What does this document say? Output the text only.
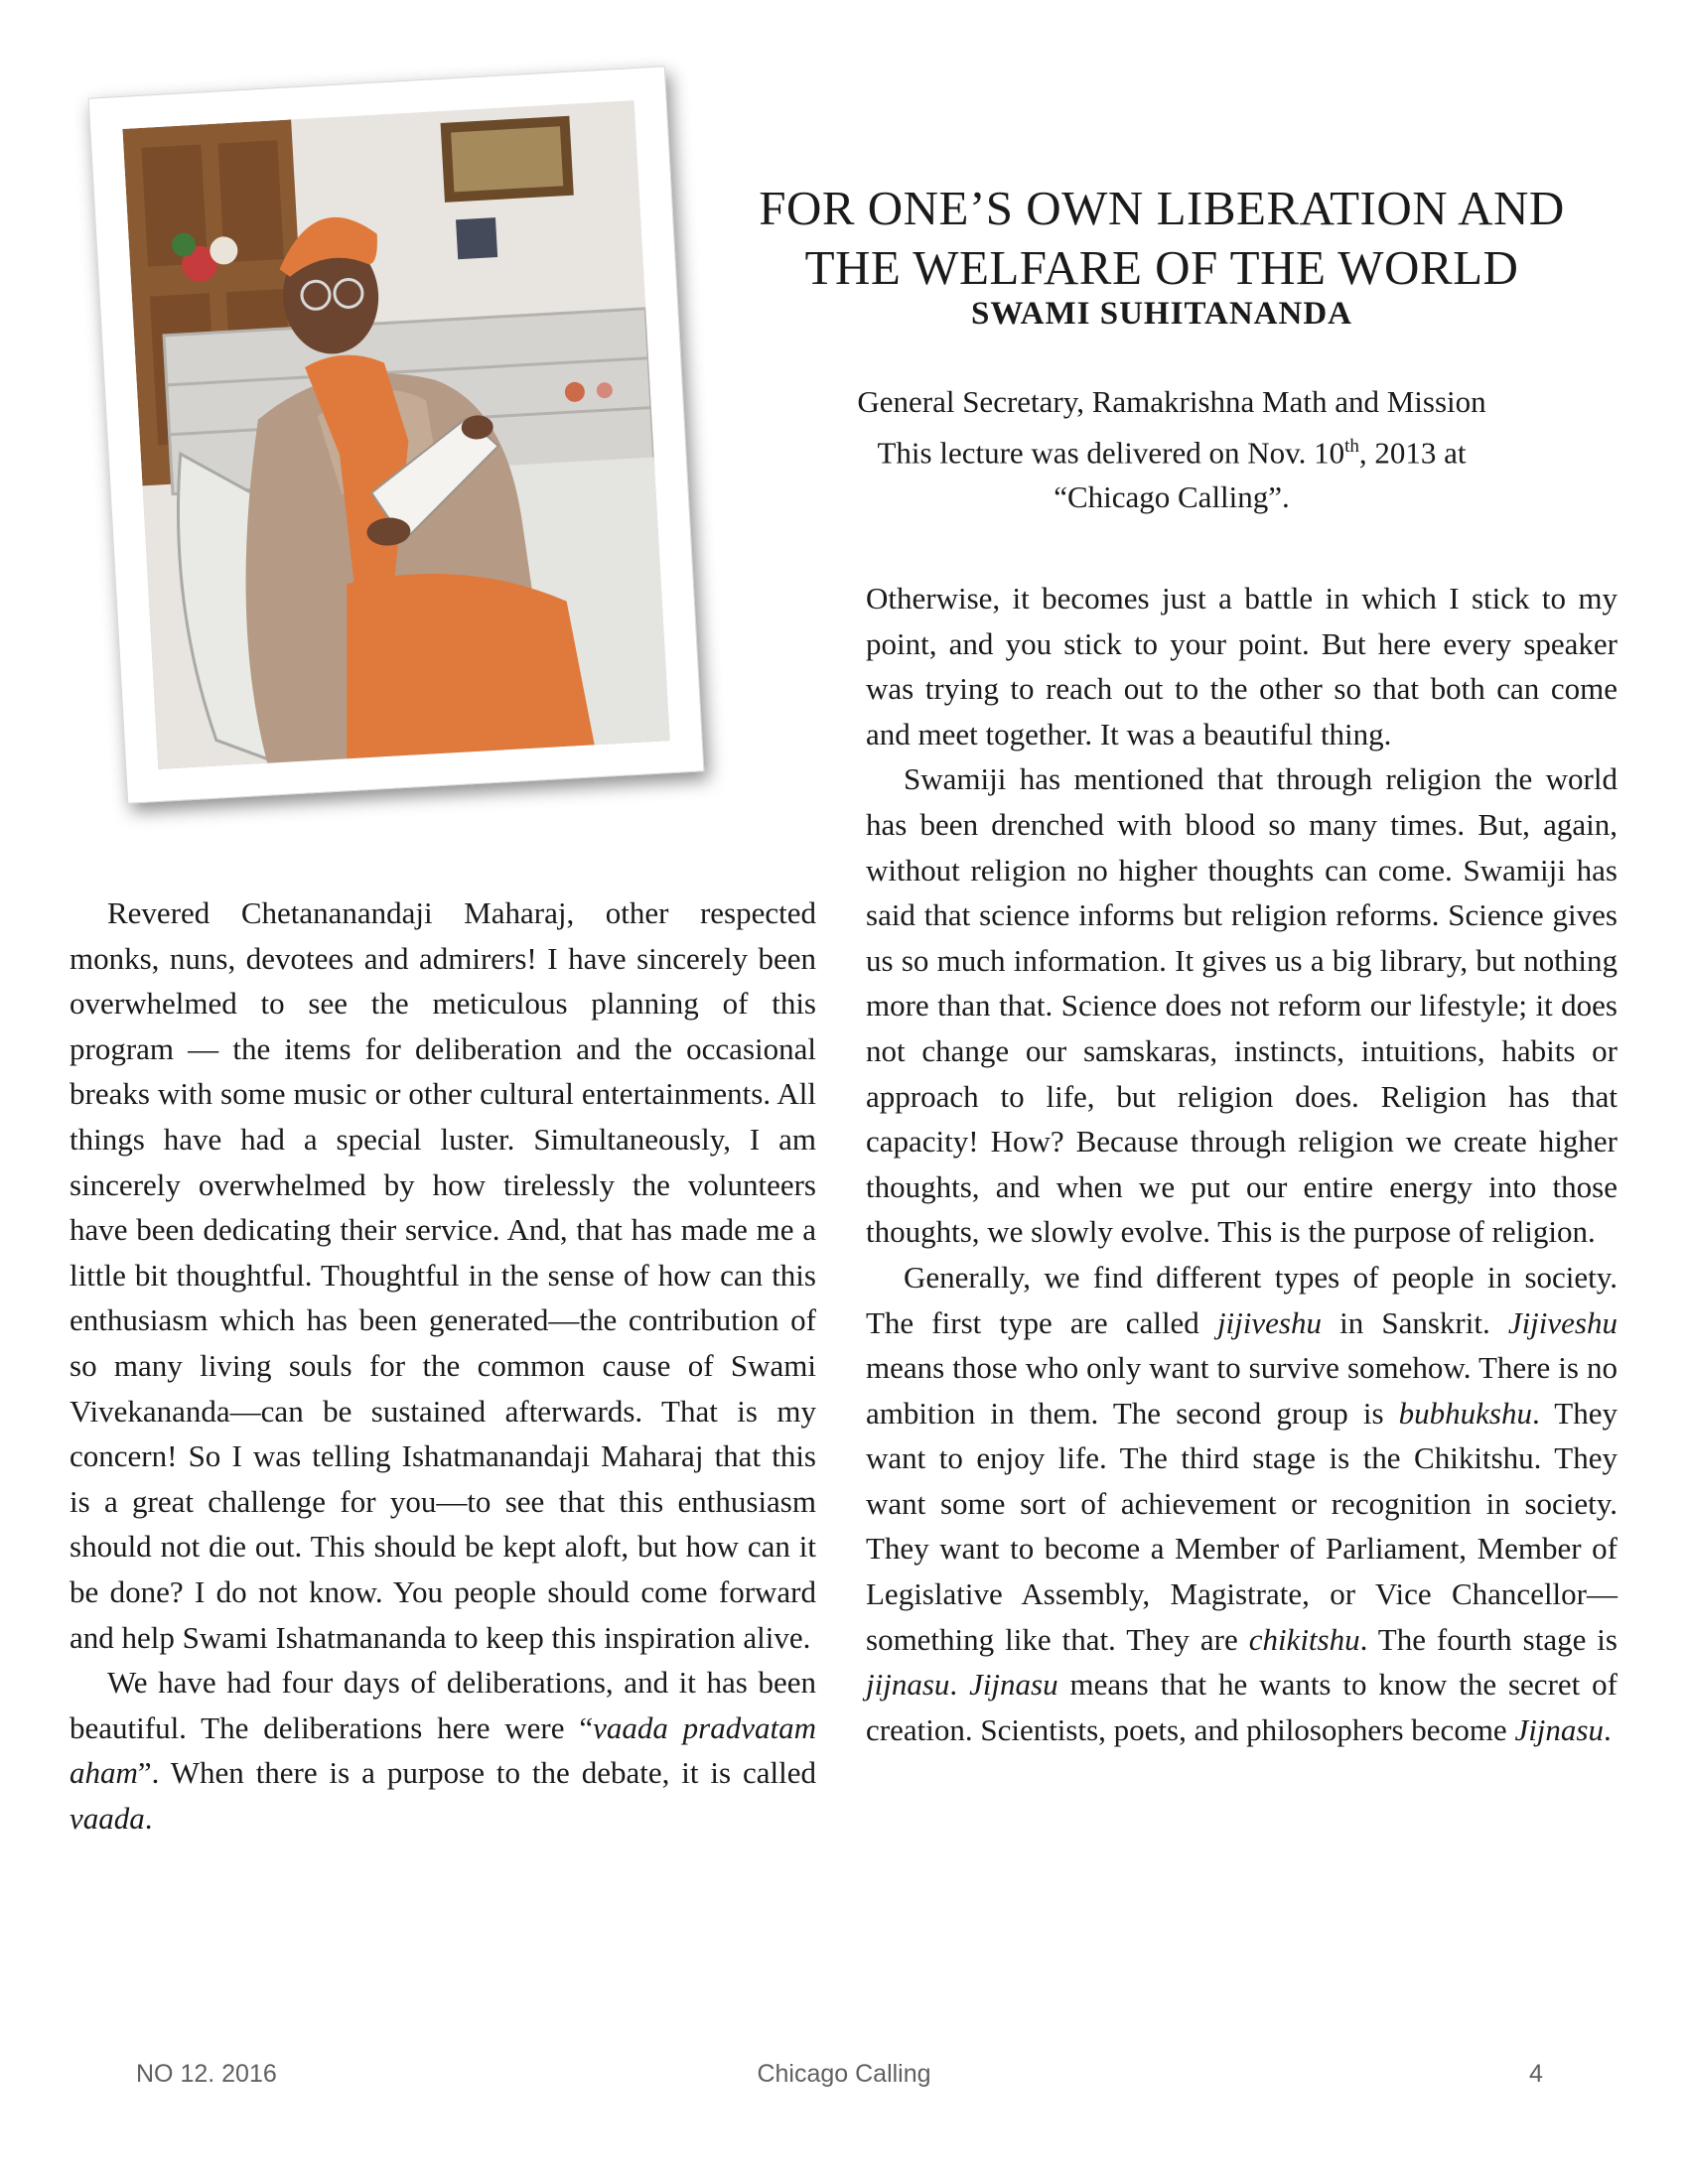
FOR ONE’S OWN LIBERATION AND
THE WELFARE OF THE WORLD
SWAMI SUHITANANDA
General Secretary, Ramakrishna Math and Mission
This lecture was delivered on Nov. 10th, 2013 at
“Chicago Calling”.

Revered Chetananandaji Maharaj, other respected monks, nuns, devotees and admirers! I have sincerely been overwhelmed to see the meticulous planning of this program — the items for deliberation and the occasional breaks with some music or other cultural entertainments. All things have had a special luster. Simultaneously, I am sincerely overwhelmed by how tirelessly the volunteers have been dedicating their service. And, that has made me a little bit thoughtful. Thoughtful in the sense of how can this enthusiasm which has been generated—the contribution of so many living souls for the common cause of Swami Vivekananda—can be sustained afterwards. That is my concern! So I was telling Ishatmanandaji Maharaj that this is a great challenge for you—to see that this enthusiasm should not die out. This should be kept aloft, but how can it be done? I do not know. You people should come forward and help Swami Ishatmananda to keep this inspiration alive.

We have had four days of deliberations, and it has been beautiful. The deliberations here were “vaada pradvatam aham”. When there is a purpose to the debate, it is called vaada.

Otherwise, it becomes just a battle in which I stick to my point, and you stick to your point. But here every speaker was trying to reach out to the other so that both can come and meet together. It was a beautiful thing.

Swamiji has mentioned that through religion the world has been drenched with blood so many times. But, again, without religion no higher thoughts can come. Swamiji has said that science informs but religion reforms. Science gives us so much information. It gives us a big library, but nothing more than that. Science does not reform our lifestyle; it does not change our samskaras, instincts, intuitions, habits or approach to life, but religion does. Religion has that capacity! How? Because through religion we create higher thoughts, and when we put our entire energy into those thoughts, we slowly evolve. This is the purpose of religion.

Generally, we find different types of people in society. The first type are called jijiveshu in Sanskrit. Jijiveshu means those who only want to survive somehow. There is no ambition in them. The second group is bubhukshu. They want to enjoy life. The third stage is the Chikitshu. They want some sort of achievement or recognition in society. They want to become a Member of Parliament, Member of Legislative Assembly, Magistrate, or Vice Chancellor—something like that. They are chikitshu. The fourth stage is jijnasu. Jijnasu means that he wants to know the secret of creation. Scientists, poets, and philosophers become Jijnasu.

NO 12. 2016	Chicago Calling	4
